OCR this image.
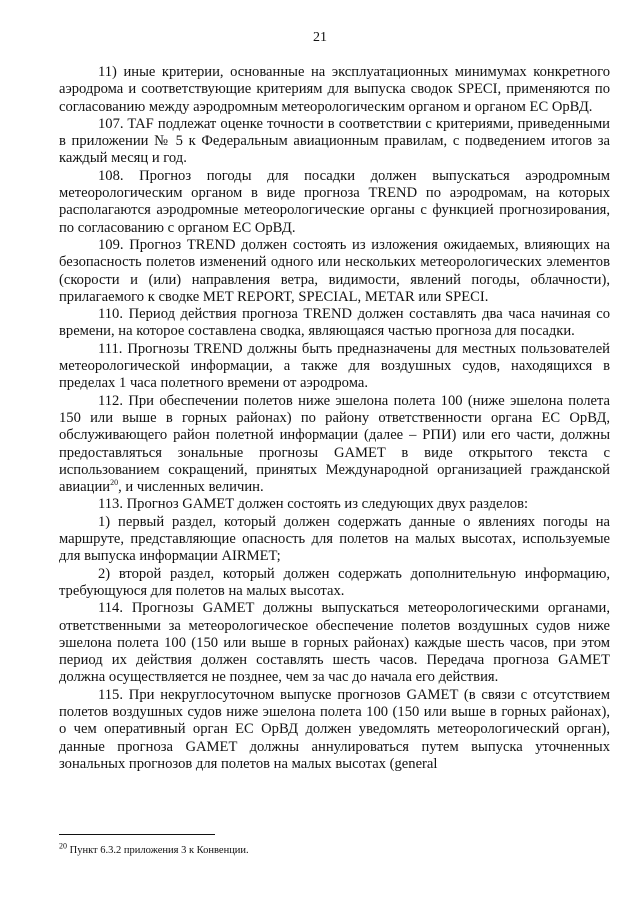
21

11) иные критерии, основанные на эксплуатационных минимумах конкретного аэродрома и соответствующие критериям для выпуска сводок SPECI, применяются по согласованию между аэродромным метеорологическим органом и органом ЕС ОрВД.

107. TAF подлежат оценке точности в соответствии с критериями, приведенными в приложении № 5 к Федеральным авиационным правилам, с подведением итогов за каждый месяц и год.

108. Прогноз погоды для посадки должен выпускаться аэродромным метеорологическим органом в виде прогноза TREND по аэродромам, на которых располагаются аэродромные метеорологические органы с функцией прогнозирования, по согласованию с органом ЕС ОрВД.

109. Прогноз TREND должен состоять из изложения ожидаемых, влияющих на безопасность полетов изменений одного или нескольких метеорологических элементов (скорости и (или) направления ветра, видимости, явлений погоды, облачности), прилагаемого к сводке MET REPORT, SPECIAL, METAR или SPECI.

110. Период действия прогноза TREND должен составлять два часа начиная со времени, на которое составлена сводка, являющаяся частью прогноза для посадки.

111. Прогнозы TREND должны быть предназначены для местных пользователей метеорологической информации, а также для воздушных судов, находящихся в пределах 1 часа полетного времени от аэродрома.

112. При обеспечении полетов ниже эшелона полета 100 (ниже эшелона полета 150 или выше в горных районах) по району ответственности органа ЕС ОрВД, обслуживающего район полетной информации (далее – РПИ) или его части, должны предоставляться зональные прогнозы GAMET в виде открытого текста с использованием сокращений, принятых Международной организацией гражданской авиации$^{20}$, и численных величин.

113. Прогноз GAMET должен состоять из следующих двух разделов:

1) первый раздел, который должен содержать данные о явлениях погоды на маршруте, представляющие опасность для полетов на малых высотах, используемые для выпуска информации AIRMET;

2) второй раздел, который должен содержать дополнительную информацию, требующуюся для полетов на малых высотах.

114. Прогнозы GAMET должны выпускаться метеорологическими органами, ответственными за метеорологическое обеспечение полетов воздушных судов ниже эшелона полета 100 (150 или выше в горных районах) каждые шесть часов, при этом период их действия должен составлять шесть часов. Передача прогноза GAMET должна осуществляется не позднее, чем за час до начала его действия.

115. При некруглосуточном выпуске прогнозов GAMET (в связи с отсутствием полетов воздушных судов ниже эшелона полета 100 (150 или выше в горных районах), о чем оперативный орган ЕС ОрВД должен уведомлять метеорологический орган), данные прогноза GAMET должны аннулироваться путем выпуска уточненных зональных прогнозов для полетов на малых высотах (general

$^{20}$ Пункт 6.3.2 приложения 3 к Конвенции.
